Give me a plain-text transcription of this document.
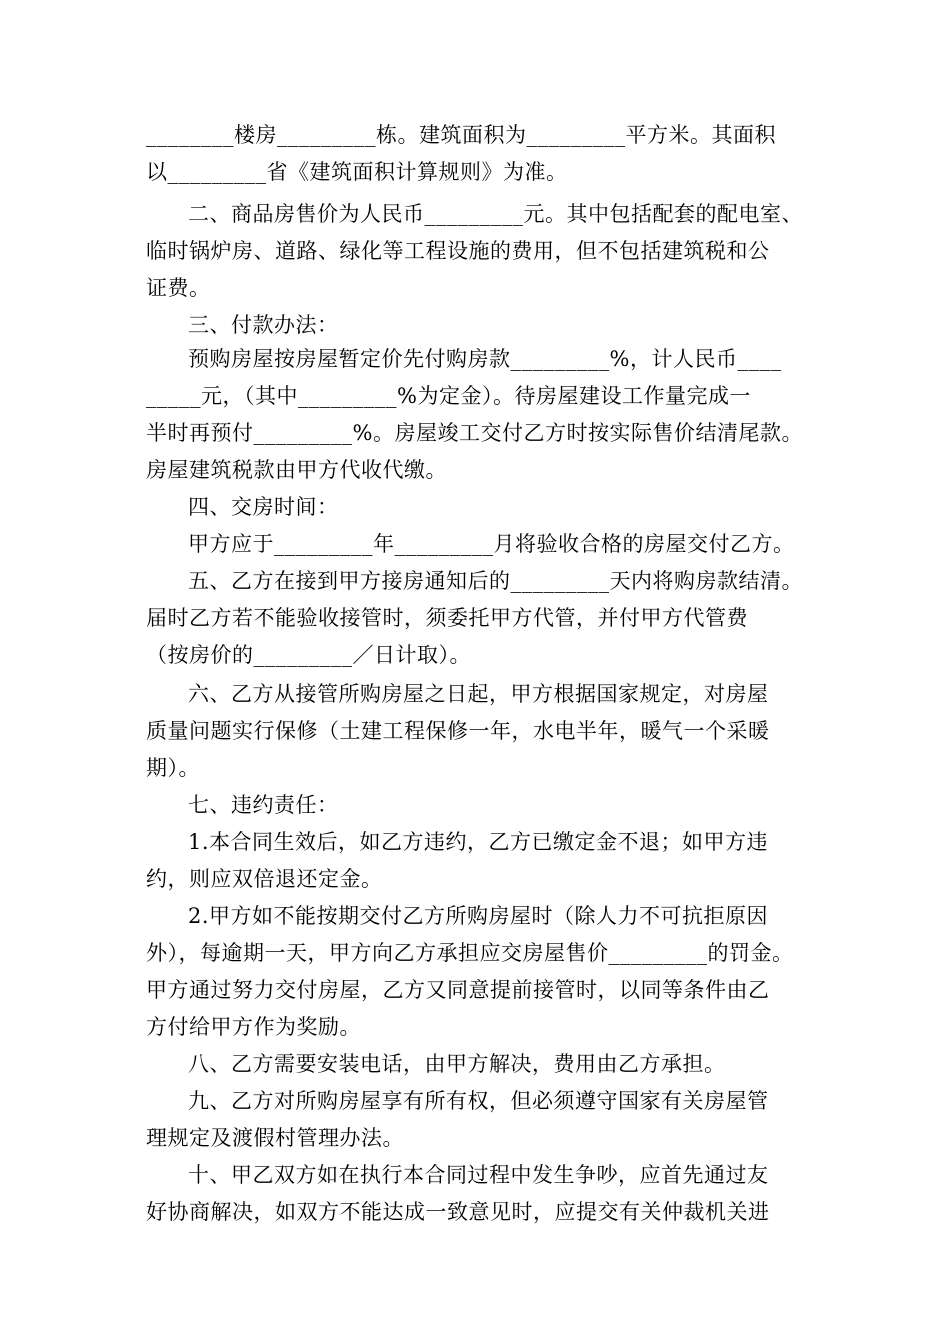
________楼房_________栋。建筑面积为_________平方米。其面积
以_________省《建筑面积计算规则》为准。
二、商品房售价为人民币_________元。其中包括配套的配电室、
临时锅炉房、道路、绿化等工程设施的费用，但不包括建筑税和公
证费。
三、付款办法：
预购房屋按房屋暂定价先付购房款_________%，计人民币____
_____元，（其中_________%为定金）。待房屋建设工作量完成一
半时再预付_________%。房屋竣工交付乙方时按实际售价结清尾款。
房屋建筑税款由甲方代收代缴。
四、交房时间：
甲方应于_________年_________月将验收合格的房屋交付乙方。
五、乙方在接到甲方接房通知后的_________天内将购房款结清。
届时乙方若不能验收接管时，须委托甲方代管，并付甲方代管费
（按房价的_________／日计取）。
六、乙方从接管所购房屋之日起，甲方根据国家规定，对房屋
质量问题实行保修（土建工程保修一年，水电半年，暖气一个采暖
期）。
七、违约责任：
1.本合同生效后，如乙方违约，乙方已缴定金不退；如甲方违
约，则应双倍退还定金。
2.甲方如不能按期交付乙方所购房屋时（除人力不可抗拒原因
外），每逾期一天，甲方向乙方承担应交房屋售价_________的罚金。
甲方通过努力交付房屋，乙方又同意提前接管时，以同等条件由乙
方付给甲方作为奖励。
八、乙方需要安装电话，由甲方解决，费用由乙方承担。
九、乙方对所购房屋享有所有权，但必须遵守国家有关房屋管
理规定及渡假村管理办法。
十、甲乙双方如在执行本合同过程中发生争吵，应首先通过友
好协商解决，如双方不能达成一致意见时，应提交有关仲裁机关进
